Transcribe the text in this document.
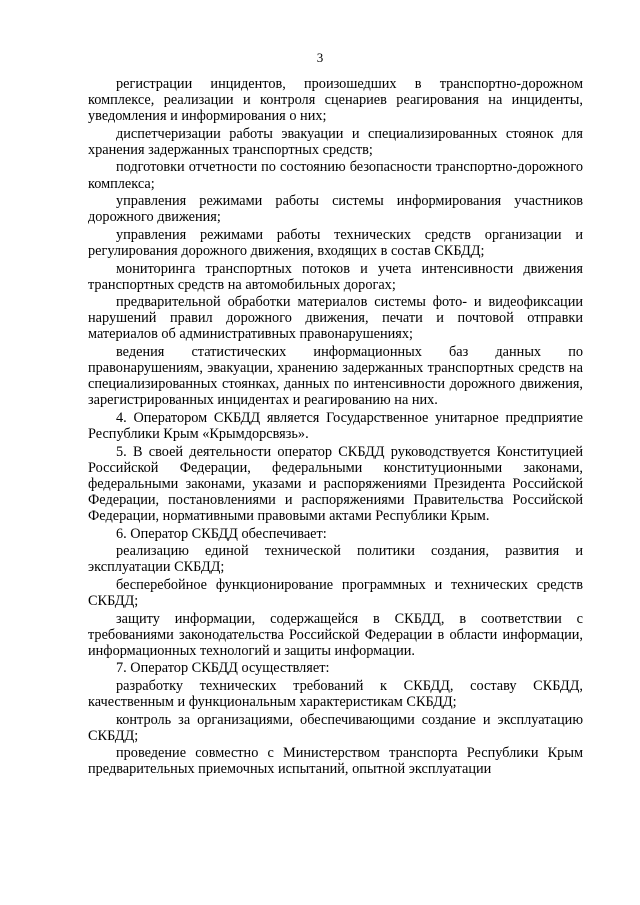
3

регистрации инцидентов, произошедших в транспортно-дорожном комплексе, реализации и контроля сценариев реагирования на инциденты, уведомления и информирования о них;

диспетчеризации работы эвакуации и специализированных стоянок для хранения задержанных транспортных средств;

подготовки отчетности по состоянию безопасности транспортно-дорожного комплекса;

управления режимами работы системы информирования участников дорожного движения;

управления режимами работы технических средств организации и регулирования дорожного движения, входящих в состав СКБДД;

мониторинга транспортных потоков и учета интенсивности движения транспортных средств на автомобильных дорогах;

предварительной обработки материалов системы фото- и видеофиксации нарушений правил дорожного движения, печати и почтовой отправки материалов об административных правонарушениях;

ведения статистических информационных баз данных по правонарушениям, эвакуации, хранению задержанных транспортных средств на специализированных стоянках, данных по интенсивности дорожного движения, зарегистрированных инцидентах и реагированию на них.

4. Оператором СКБДД является Государственное унитарное предприятие Республики Крым «Крымдорсвязь».

5. В своей деятельности оператор СКБДД руководствуется Конституцией Российской Федерации, федеральными конституционными законами, федеральными законами, указами и распоряжениями Президента Российской Федерации, постановлениями и распоряжениями Правительства Российской Федерации, нормативными правовыми актами Республики Крым.

6. Оператор СКБДД обеспечивает:

реализацию единой технической политики создания, развития и эксплуатации СКБДД;

бесперебойное функционирование программных и технических средств СКБДД;

защиту информации, содержащейся в СКБДД, в соответствии с требованиями законодательства Российской Федерации в области информации, информационных технологий и защиты информации.

7. Оператор СКБДД осуществляет:

разработку технических требований к СКБДД, составу СКБДД, качественным и функциональным характеристикам СКБДД;

контроль за организациями, обеспечивающими создание и эксплуатацию СКБДД;

проведение совместно с Министерством транспорта Республики Крым предварительных приемочных испытаний, опытной эксплуатации
